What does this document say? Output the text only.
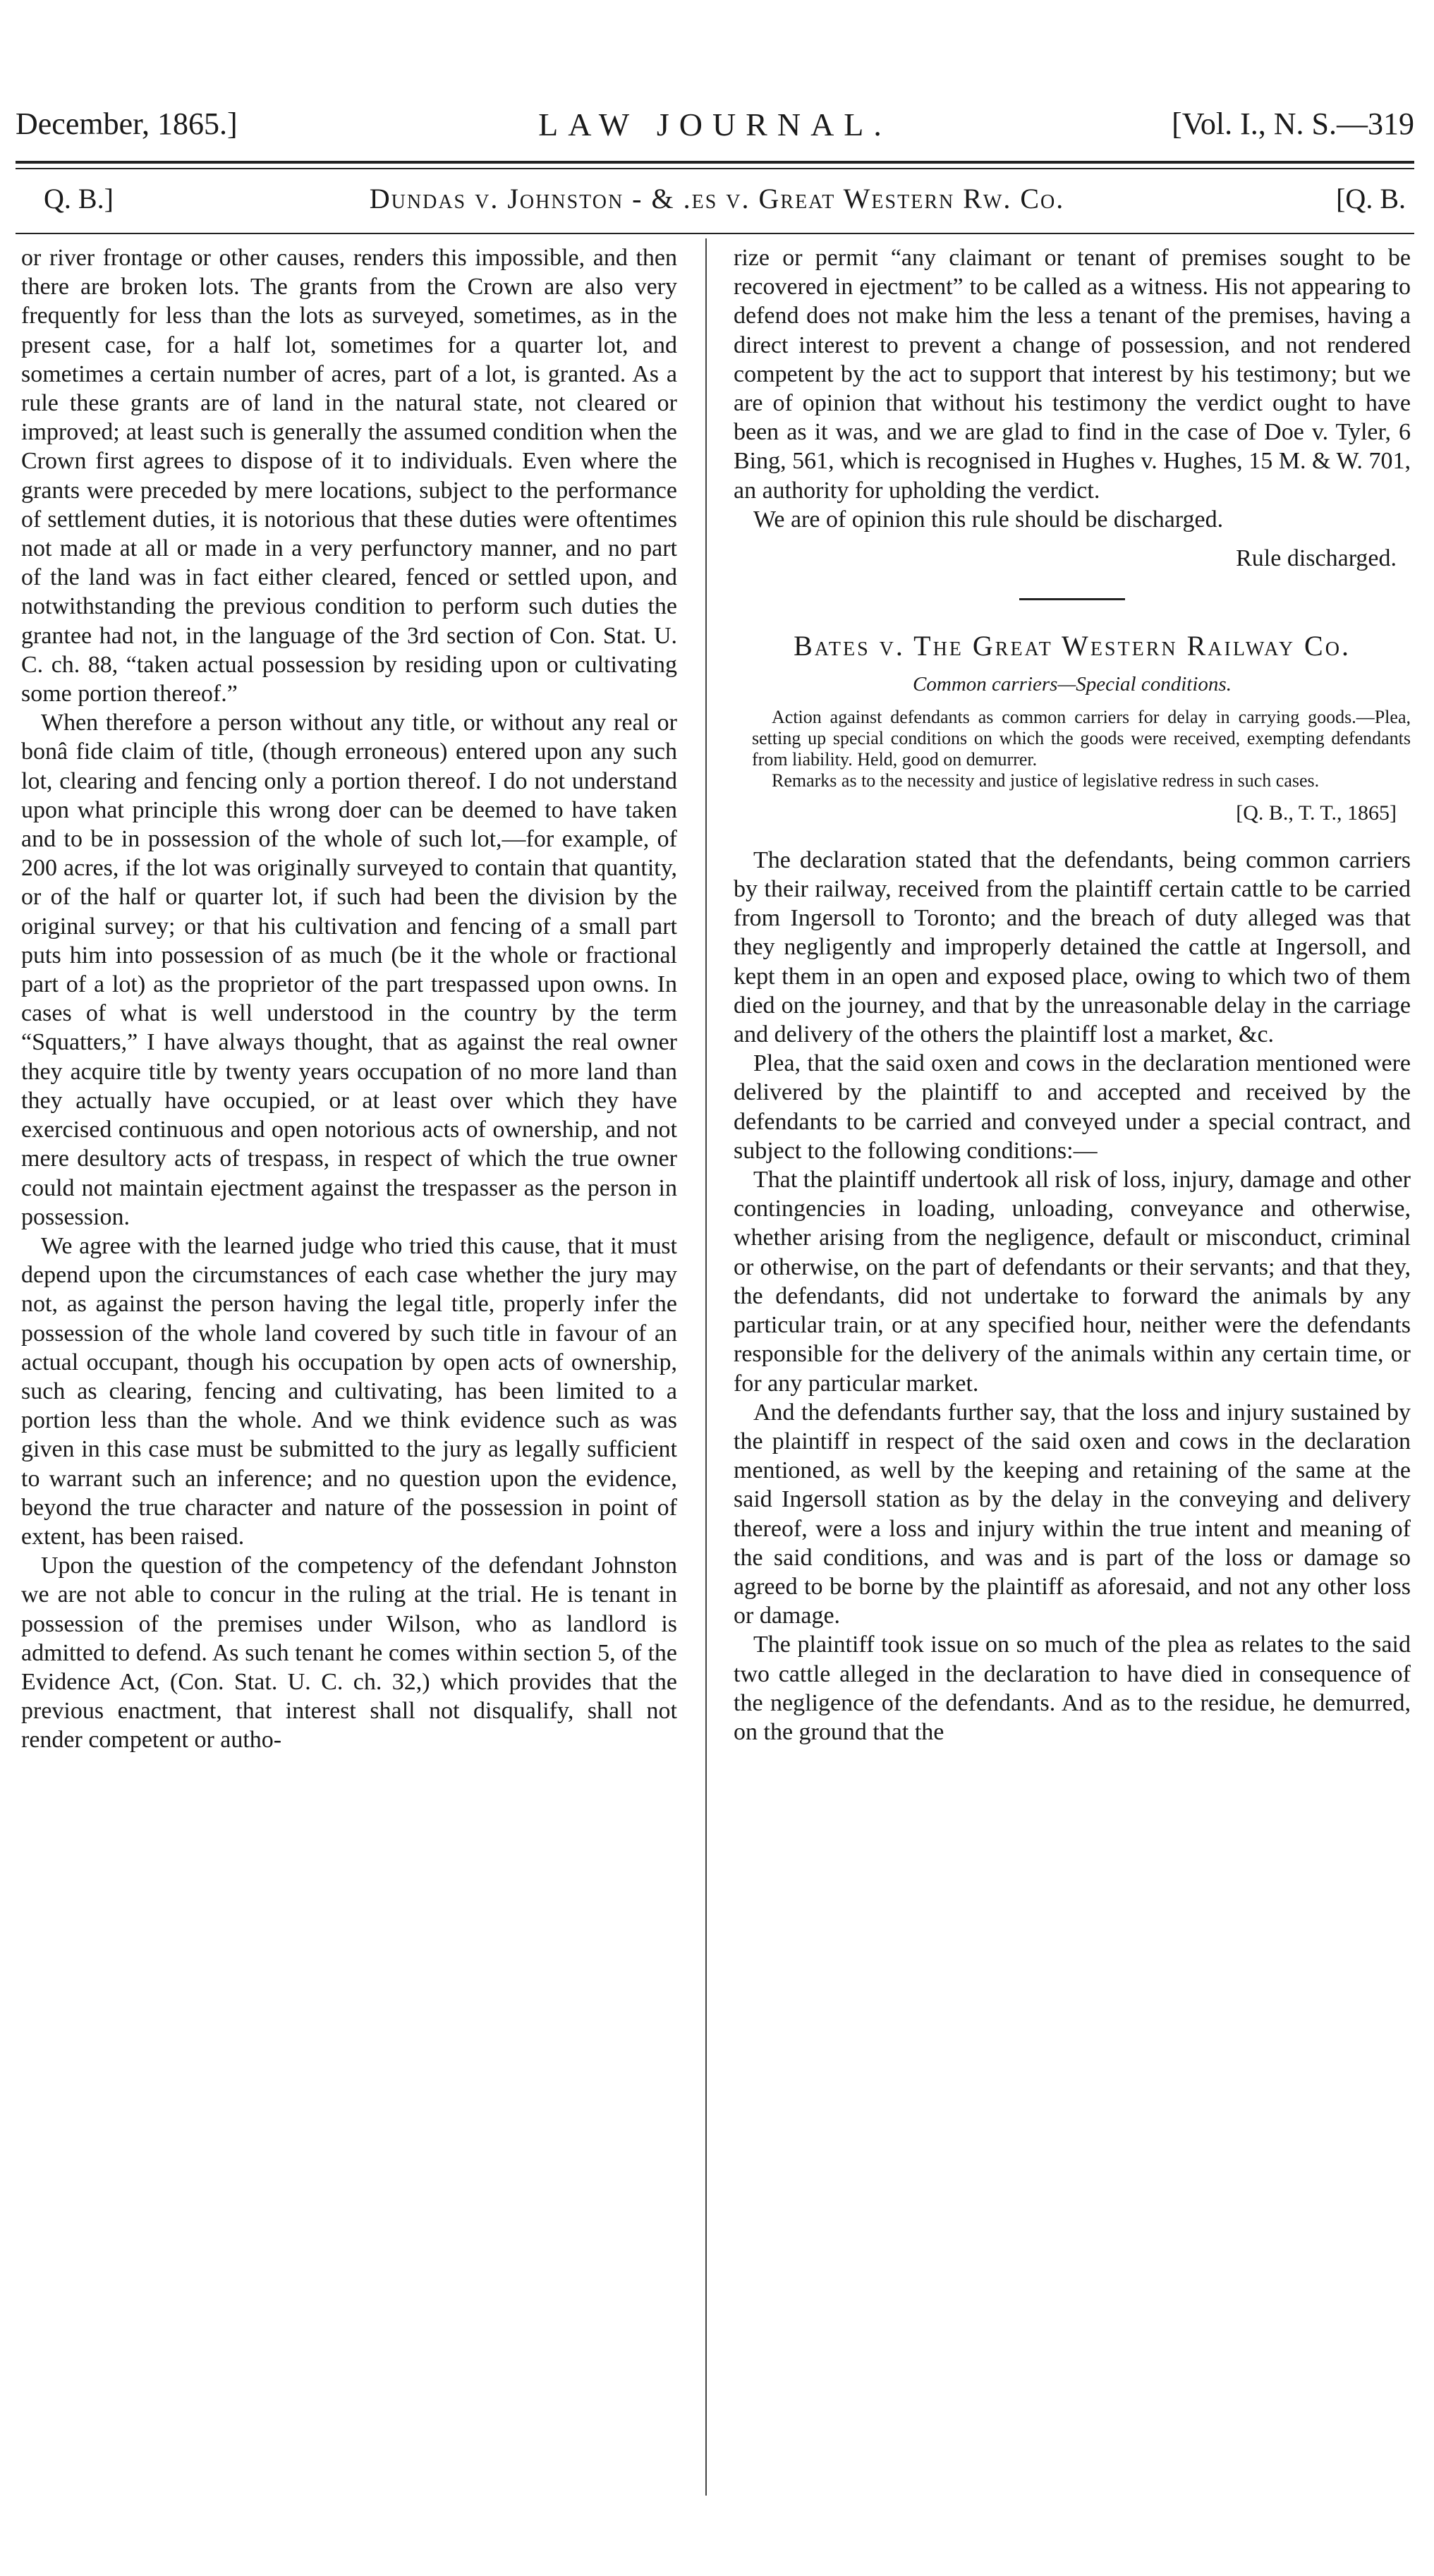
December, 1865.]	LAW JOURNAL.	[Vol. I., N. S.—319
Q. B.]	Dundas v. Johnston - & .es v. Great Western Rw. Co.	[Q. B.

or river frontage or other causes, renders this impossible, and then there are broken lots. The grants from the Crown are also very frequently for less than the lots as surveyed, sometimes, as in the present case, for a half lot, sometimes for a quarter lot, and sometimes a certain number of acres, part of a lot, is granted. As a rule these grants are of land in the natural state, not cleared or improved; at least such is generally the assumed condition when the Crown first agrees to dispose of it to individuals. Even where the grants were preceded by mere locations, subject to the performance of settlement duties, it is notorious that these duties were oftentimes not made at all or made in a very perfunctory manner, and no part of the land was in fact either cleared, fenced or settled upon, and notwithstanding the previous condition to perform such duties the grantee had not, in the language of the 3rd section of Con. Stat. U. C. ch. 88, “taken actual possession by residing upon or cultivating some portion thereof.”

When therefore a person without any title, or without any real or bonâ fide claim of title, (though erroneous) entered upon any such lot, clearing and fencing only a portion thereof. I do not understand upon what principle this wrong doer can be deemed to have taken and to be in possession of the whole of such lot,—for example, of 200 acres, if the lot was originally surveyed to contain that quantity, or of the half or quarter lot, if such had been the division by the original survey; or that his cultivation and fencing of a small part puts him into possession of as much (be it the whole or fractional part of a lot) as the proprietor of the part trespassed upon owns. In cases of what is well understood in the country by the term “Squatters,” I have always thought, that as against the real owner they acquire title by twenty years occupation of no more land than they actually have occupied, or at least over which they have exercised continuous and open notorious acts of ownership, and not mere desultory acts of trespass, in respect of which the true owner could not maintain ejectment against the trespasser as the person in possession.

We agree with the learned judge who tried this cause, that it must depend upon the circumstances of each case whether the jury may not, as against the person having the legal title, properly infer the possession of the whole land covered by such title in favour of an actual occupant, though his occupation by open acts of ownership, such as clearing, fencing and cultivating, has been limited to a portion less than the whole. And we think evidence such as was given in this case must be submitted to the jury as legally sufficient to warrant such an inference; and no question upon the evidence, beyond the true character and nature of the possession in point of extent, has been raised.

Upon the question of the competency of the defendant Johnston we are not able to concur in the ruling at the trial. He is tenant in possession of the premises under Wilson, who as landlord is admitted to defend. As such tenant he comes within section 5, of the Evidence Act, (Con. Stat. U. C. ch. 32,) which provides that the previous enactment, that interest shall not disqualify, shall not render competent or autho-

rize or permit “any claimant or tenant of premises sought to be recovered in ejectment” to be called as a witness. His not appearing to defend does not make him the less a tenant of the premises, having a direct interest to prevent a change of possession, and not rendered competent by the act to support that interest by his testimony; but we are of opinion that without his testimony the verdict ought to have been as it was, and we are glad to find in the case of Doe v. Tyler, 6 Bing, 561, which is recognised in Hughes v. Hughes, 15 M. & W. 701, an authority for upholding the verdict.

We are of opinion this rule should be discharged.

Rule discharged.
Bates v. The Great Western Railway Co.
Common carriers—Special conditions.

Action against defendants as common carriers for delay in carrying goods.—Plea, setting up special conditions on which the goods were received, exempting defendants from liability. Held, good on demurrer.

Remarks as to the necessity and justice of legislative redress in such cases.

[Q. B., T. T., 1865]

The declaration stated that the defendants, being common carriers by their railway, received from the plaintiff certain cattle to be carried from Ingersoll to Toronto; and the breach of duty alleged was that they negligently and improperly detained the cattle at Ingersoll, and kept them in an open and exposed place, owing to which two of them died on the journey, and that by the unreasonable delay in the carriage and delivery of the others the plaintiff lost a market, &c.

Plea, that the said oxen and cows in the declaration mentioned were delivered by the plaintiff to and accepted and received by the defendants to be carried and conveyed under a special contract, and subject to the following conditions:—

That the plaintiff undertook all risk of loss, injury, damage and other contingencies in loading, unloading, conveyance and otherwise, whether arising from the negligence, default or misconduct, criminal or otherwise, on the part of defendants or their servants; and that they, the defendants, did not undertake to forward the animals by any particular train, or at any specified hour, neither were the defendants responsible for the delivery of the animals within any certain time, or for any particular market.

And the defendants further say, that the loss and injury sustained by the plaintiff in respect of the said oxen and cows in the declaration mentioned, as well by the keeping and retaining of the same at the said Ingersoll station as by the delay in the conveying and delivery thereof, were a loss and injury within the true intent and meaning of the said conditions, and was and is part of the loss or damage so agreed to be borne by the plaintiff as aforesaid, and not any other loss or damage.

The plaintiff took issue on so much of the plea as relates to the said two cattle alleged in the declaration to have died in consequence of the negligence of the defendants. And as to the residue, he demurred, on the ground that the
